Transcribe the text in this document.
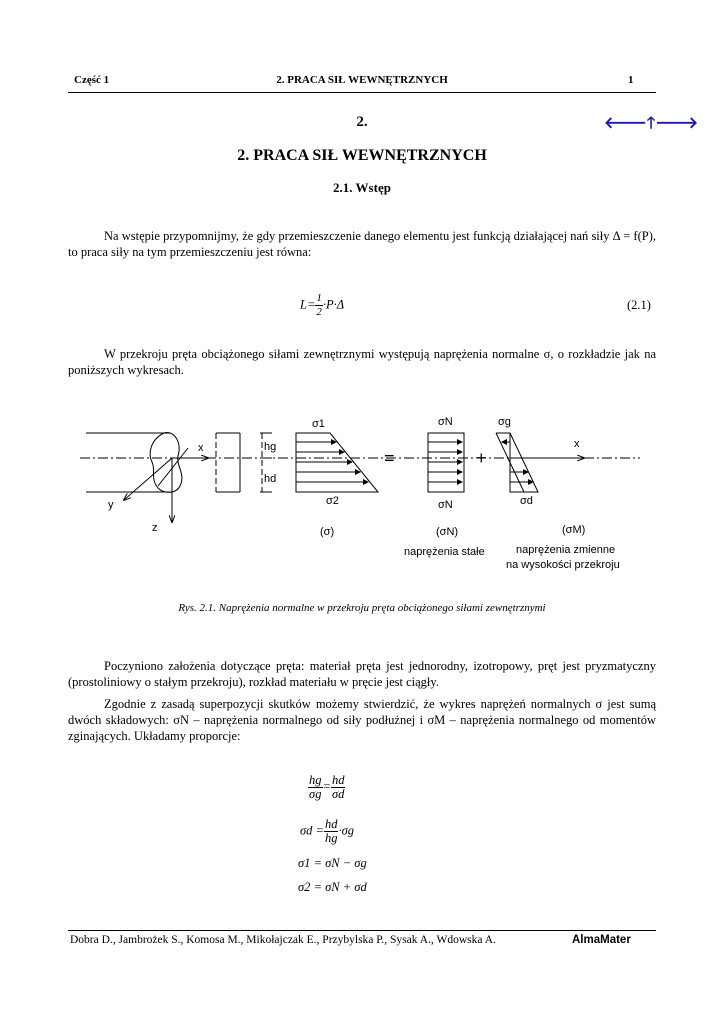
Część 1	2. PRACA SIŁ WEWNĘTRZNYCH	1
2.	🡐🡑🡒
2. PRACA SIŁ WEWNĘTRZNYCH
2.1. Wstęp
Na wstępie przypomnijmy, że gdy przemieszczenie danego elementu jest funkcją działającej nań siły Δ = f(P), to praca siły na tym przemieszczeniu jest równa:
$L= \frac{1}{2} \cdot P\cdot\Delta$	(2.1)
W przekroju pręta obciążonego siłami zewnętrznymi występują naprężenia normalne σ, o rozkładzie jak na poniższych wykresach.
x
y
z
hg
hd
σ1
σ2
σN
σN
σg
σd
x
=	+
(σ)	(σN)	(σM)
naprężenia stałe	naprężenia zmienne
na wysokości przekroju
Rys. 2.1. Naprężenia normalne w przekroju pręta obciążonego siłami zewnętrznymi
Poczyniono założenia dotyczące pręta: materiał pręta jest jednorodny, izotropowy, pręt jest pryzmatyczny (prostoliniowy o stałym przekroju), rozkład materiału w pręcie jest ciągły.
Zgodnie z zasadą superpozycji skutków możemy stwierdzić, że wykres naprężeń normalnych σ jest sumą dwóch składowych: σN – naprężenia normalnego od siły podłużnej i σM – naprężenia normalnego od momentów zginających. Układamy proporcje:
$\frac{hg}{\sigma g} = \frac{hd}{\sigma d}$
$\sigma d = \frac{hd}{hg} \cdot\sigma g$
σ1 = σN − σg
σ2 = σN + σd
Dobra D., Jambrożek S., Komosa M., Mikołajczak E., Przybylska P., Sysak A., Wdowska A.	AlmaMater
